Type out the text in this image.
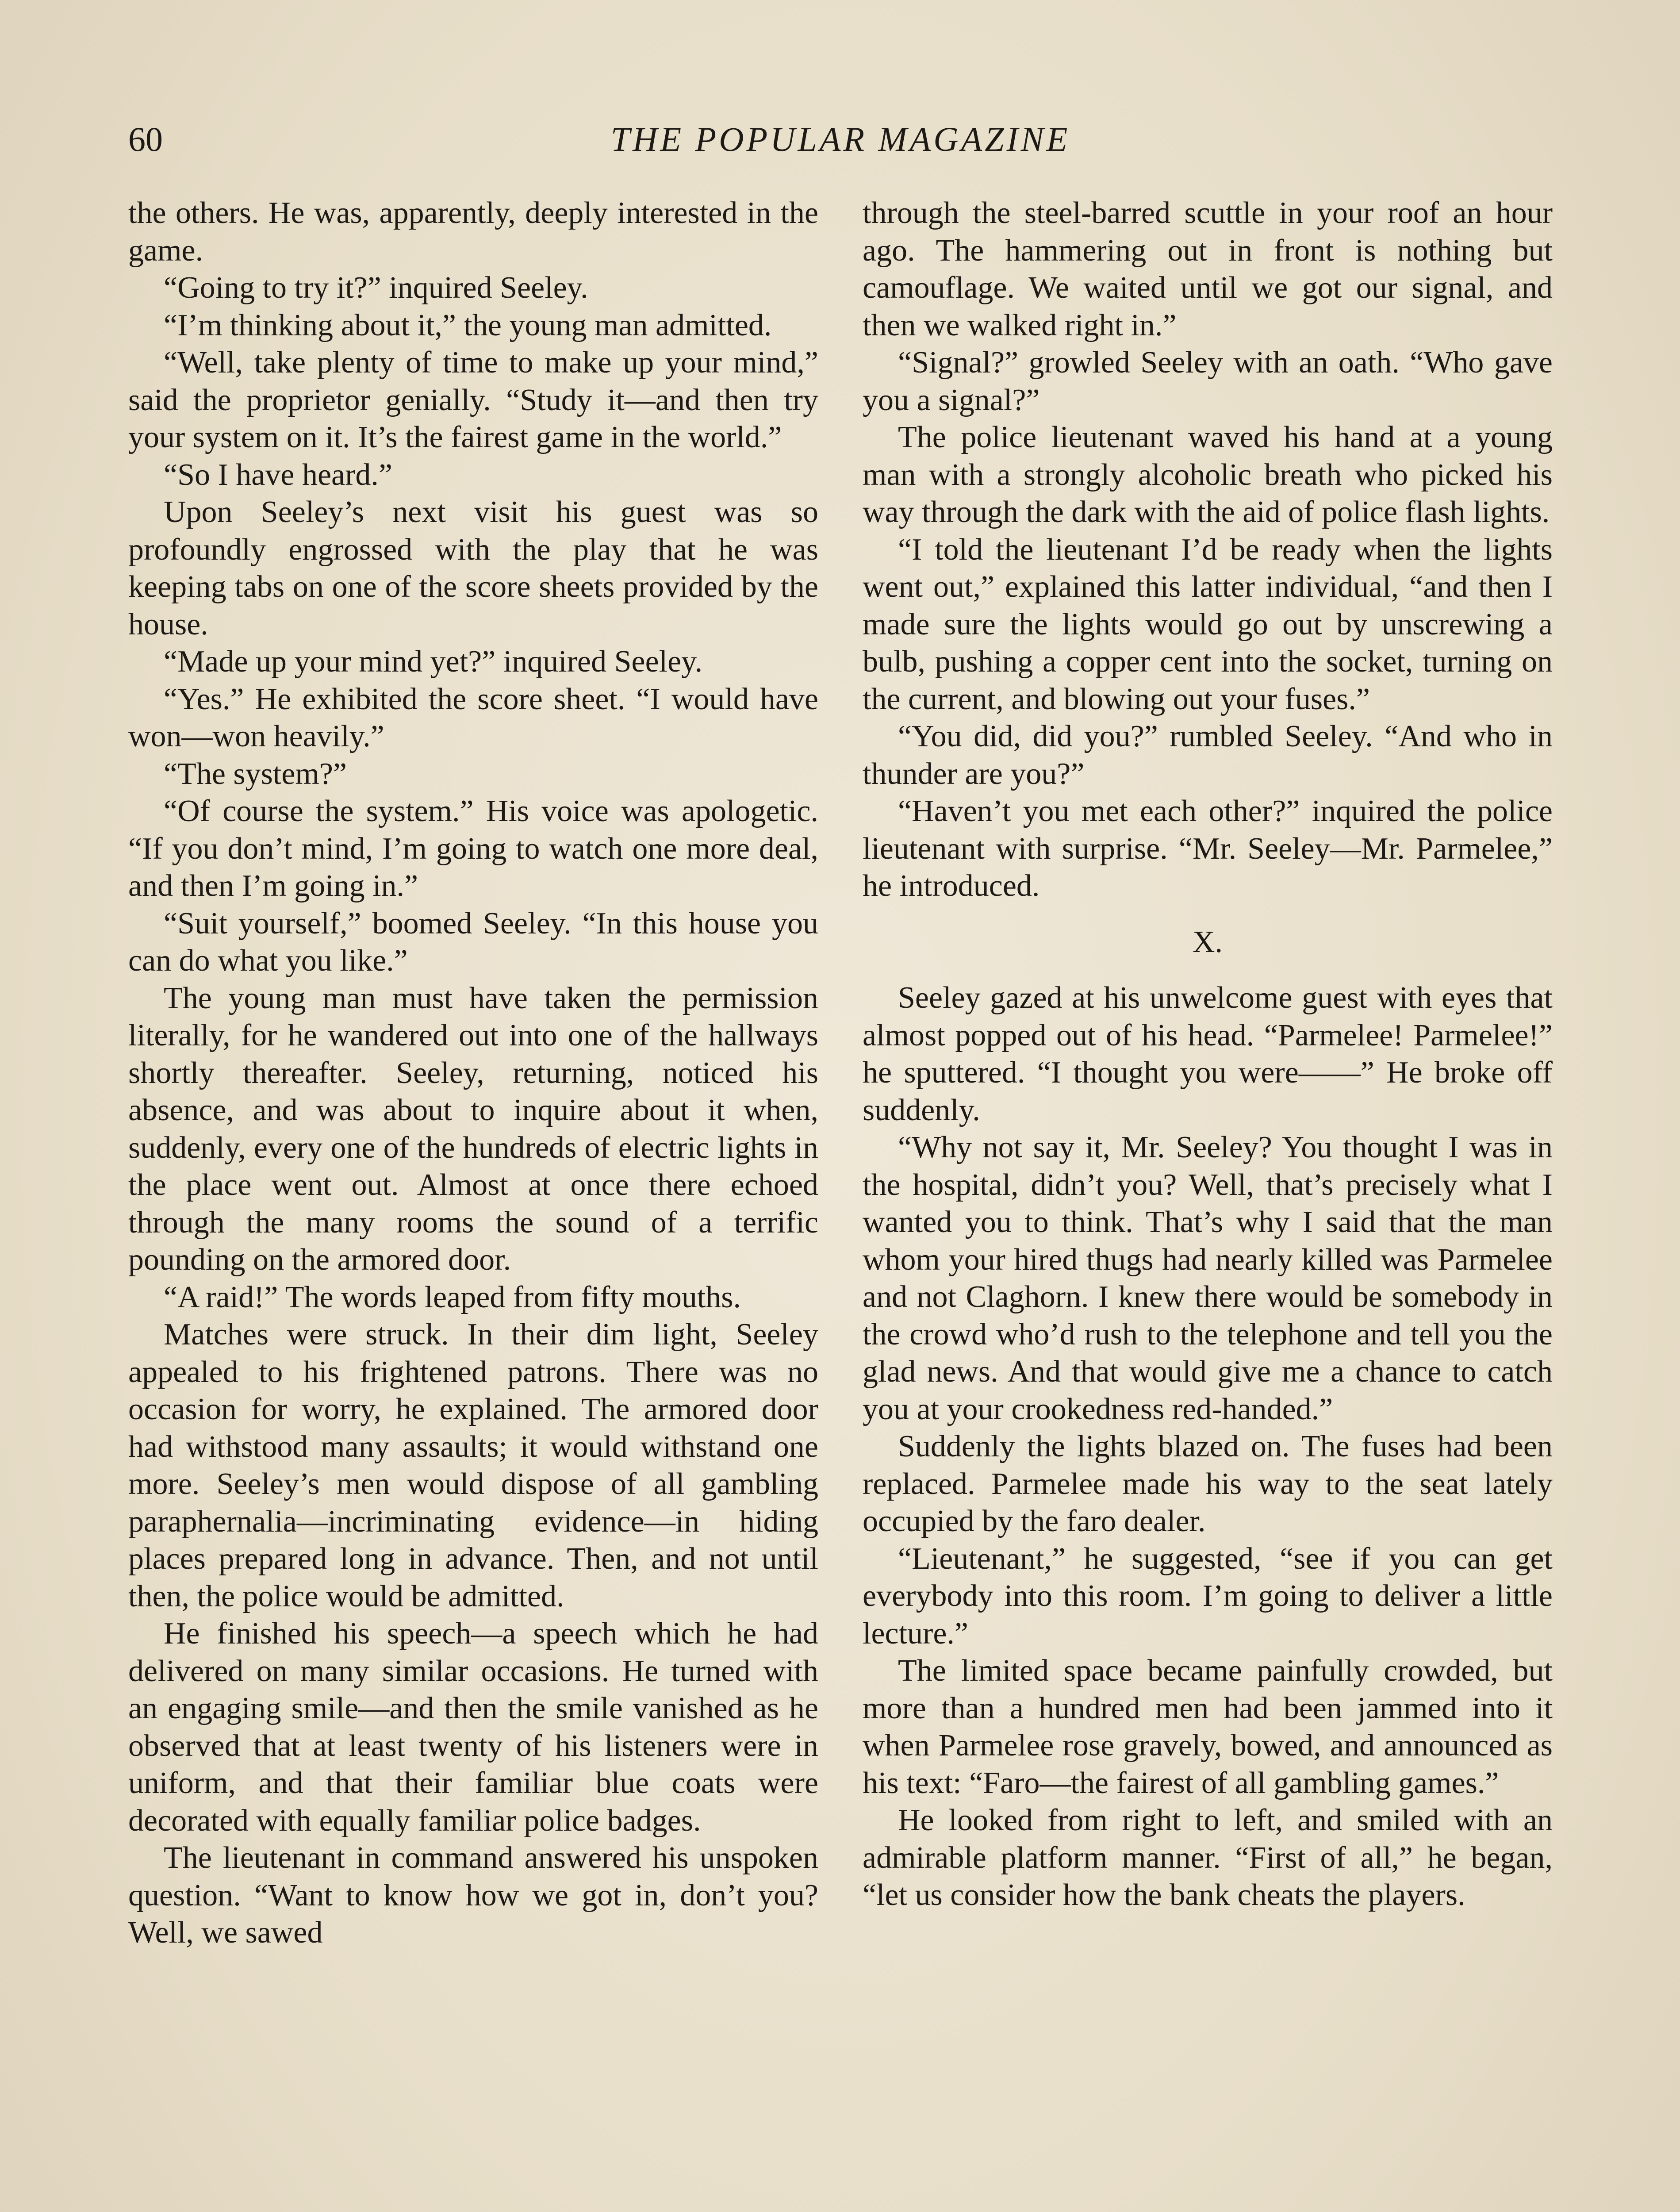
60	THE POPULAR MAGAZINE

the others. He was, apparently, deeply interested in the game.

“Going to try it?” inquired Seeley.

“I’m thinking about it,” the young man admitted.

“Well, take plenty of time to make up your mind,” said the proprietor genially. “Study it—and then try your system on it. It’s the fairest game in the world.”

“So I have heard.”

Upon Seeley’s next visit his guest was so profoundly engrossed with the play that he was keeping tabs on one of the score sheets provided by the house.

“Made up your mind yet?” inquired Seeley.

“Yes.” He exhibited the score sheet. “I would have won—won heavily.”

“The system?”

“Of course the system.” His voice was apologetic. “If you don’t mind, I’m going to watch one more deal, and then I’m going in.”

“Suit yourself,” boomed Seeley. “In this house you can do what you like.”

The young man must have taken the permission literally, for he wandered out into one of the hallways shortly thereafter. Seeley, returning, noticed his absence, and was about to inquire about it when, suddenly, every one of the hundreds of electric lights in the place went out. Almost at once there echoed through the many rooms the sound of a terrific pounding on the armored door.

“A raid!” The words leaped from fifty mouths.

Matches were struck. In their dim light, Seeley appealed to his frightened patrons. There was no occasion for worry, he explained. The armored door had withstood many assaults; it would withstand one more. Seeley’s men would dispose of all gambling paraphernalia—incriminating evidence—in hiding places prepared long in advance. Then, and not until then, the police would be admitted.

He finished his speech—a speech which he had delivered on many similar occasions. He turned with an engaging smile—and then the smile vanished as he observed that at least twenty of his listeners were in uniform, and that their familiar blue coats were decorated with equally familiar police badges.

The lieutenant in command answered his unspoken question. “Want to know how we got in, don’t you? Well, we sawed

through the steel-barred scuttle in your roof an hour ago. The hammering out in front is nothing but camouflage. We waited until we got our signal, and then we walked right in.”

“Signal?” growled Seeley with an oath. “Who gave you a signal?”

The police lieutenant waved his hand at a young man with a strongly alcoholic breath who picked his way through the dark with the aid of police flash lights.

“I told the lieutenant I’d be ready when the lights went out,” explained this latter individual, “and then I made sure the lights would go out by unscrewing a bulb, pushing a copper cent into the socket, turning on the current, and blowing out your fuses.”

“You did, did you?” rumbled Seeley. “And who in thunder are you?”

“Haven’t you met each other?” inquired the police lieutenant with surprise. “Mr. Seeley—Mr. Parmelee,” he introduced.

X.

Seeley gazed at his unwelcome guest with eyes that almost popped out of his head. “Parmelee! Parmelee!” he sputtered. “I thought you were——” He broke off suddenly.

“Why not say it, Mr. Seeley? You thought I was in the hospital, didn’t you? Well, that’s precisely what I wanted you to think. That’s why I said that the man whom your hired thugs had nearly killed was Parmelee and not Claghorn. I knew there would be somebody in the crowd who’d rush to the telephone and tell you the glad news. And that would give me a chance to catch you at your crookedness red-handed.”

Suddenly the lights blazed on. The fuses had been replaced. Parmelee made his way to the seat lately occupied by the faro dealer.

“Lieutenant,” he suggested, “see if you can get everybody into this room. I’m going to deliver a little lecture.”

The limited space became painfully crowded, but more than a hundred men had been jammed into it when Parmelee rose gravely, bowed, and announced as his text: “Faro—the fairest of all gambling games.”

He looked from right to left, and smiled with an admirable platform manner. “First of all,” he began, “let us consider how the bank cheats the players.
